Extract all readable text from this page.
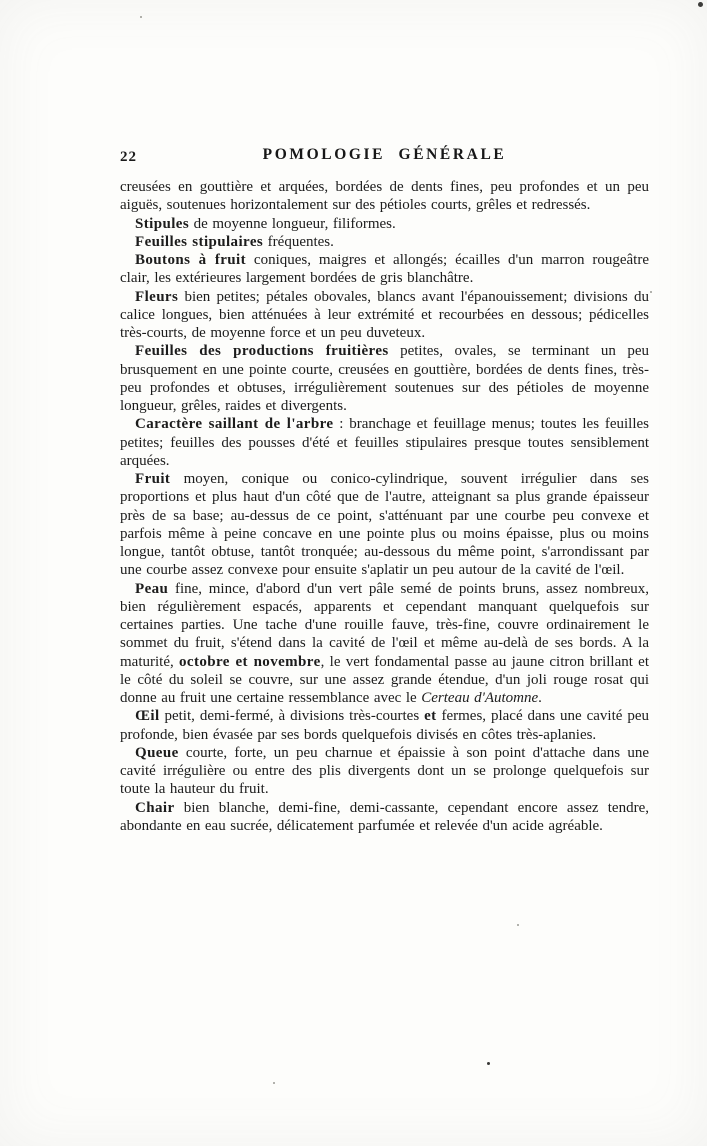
22	POMOLOGIE GÉNÉRALE

creusées en gouttière et arquées, bordées de dents fines, peu profondes et un peu aiguës, soutenues horizontalement sur des pétioles courts, grêles et redressés.

Stipules de moyenne longueur, filiformes.

Feuilles stipulaires fréquentes.

Boutons à fruit coniques, maigres et allongés; écailles d'un marron rougeâtre clair, les extérieures largement bordées de gris blanchâtre.

Fleurs bien petites; pétales obovales, blancs avant l'épanouissement; divisions du calice longues, bien atténuées à leur extrémité et recourbées en dessous; pédicelles très-courts, de moyenne force et un peu duveteux.

Feuilles des productions fruitières petites, ovales, se terminant un peu brusquement en une pointe courte, creusées en gouttière, bordées de dents fines, très-peu profondes et obtuses, irrégulièrement soutenues sur des pétioles de moyenne longueur, grêles, raides et divergents.

Caractère saillant de l'arbre : branchage et feuillage menus; toutes les feuilles petites; feuilles des pousses d'été et feuilles stipulaires presque toutes sensiblement arquées.

Fruit moyen, conique ou conico-cylindrique, souvent irrégulier dans ses proportions et plus haut d'un côté que de l'autre, atteignant sa plus grande épaisseur près de sa base; au-dessus de ce point, s'atténuant par une courbe peu convexe et parfois même à peine concave en une pointe plus ou moins épaisse, plus ou moins longue, tantôt obtuse, tantôt tronquée; au-dessous du même point, s'arrondissant par une courbe assez convexe pour ensuite s'aplatir un peu autour de la cavité de l'œil.

Peau fine, mince, d'abord d'un vert pâle semé de points bruns, assez nombreux, bien régulièrement espacés, apparents et cependant manquant quelquefois sur certaines parties. Une tache d'une rouille fauve, très-fine, couvre ordinairement le sommet du fruit, s'étend dans la cavité de l'œil et même au-delà de ses bords. A la maturité, octobre et novembre, le vert fondamental passe au jaune citron brillant et le côté du soleil se couvre, sur une assez grande étendue, d'un joli rouge rosat qui donne au fruit une certaine ressemblance avec le Certeau d'Automne.

Œil petit, demi-fermé, à divisions très-courtes et fermes, placé dans une cavité peu profonde, bien évasée par ses bords quelquefois divisés en côtes très-aplanies.

Queue courte, forte, un peu charnue et épaissie à son point d'attache dans une cavité irrégulière ou entre des plis divergents dont un se prolonge quelquefois sur toute la hauteur du fruit.

Chair bien blanche, demi-fine, demi-cassante, cependant encore assez tendre, abondante en eau sucrée, délicatement parfumée et relevée d'un acide agréable.
